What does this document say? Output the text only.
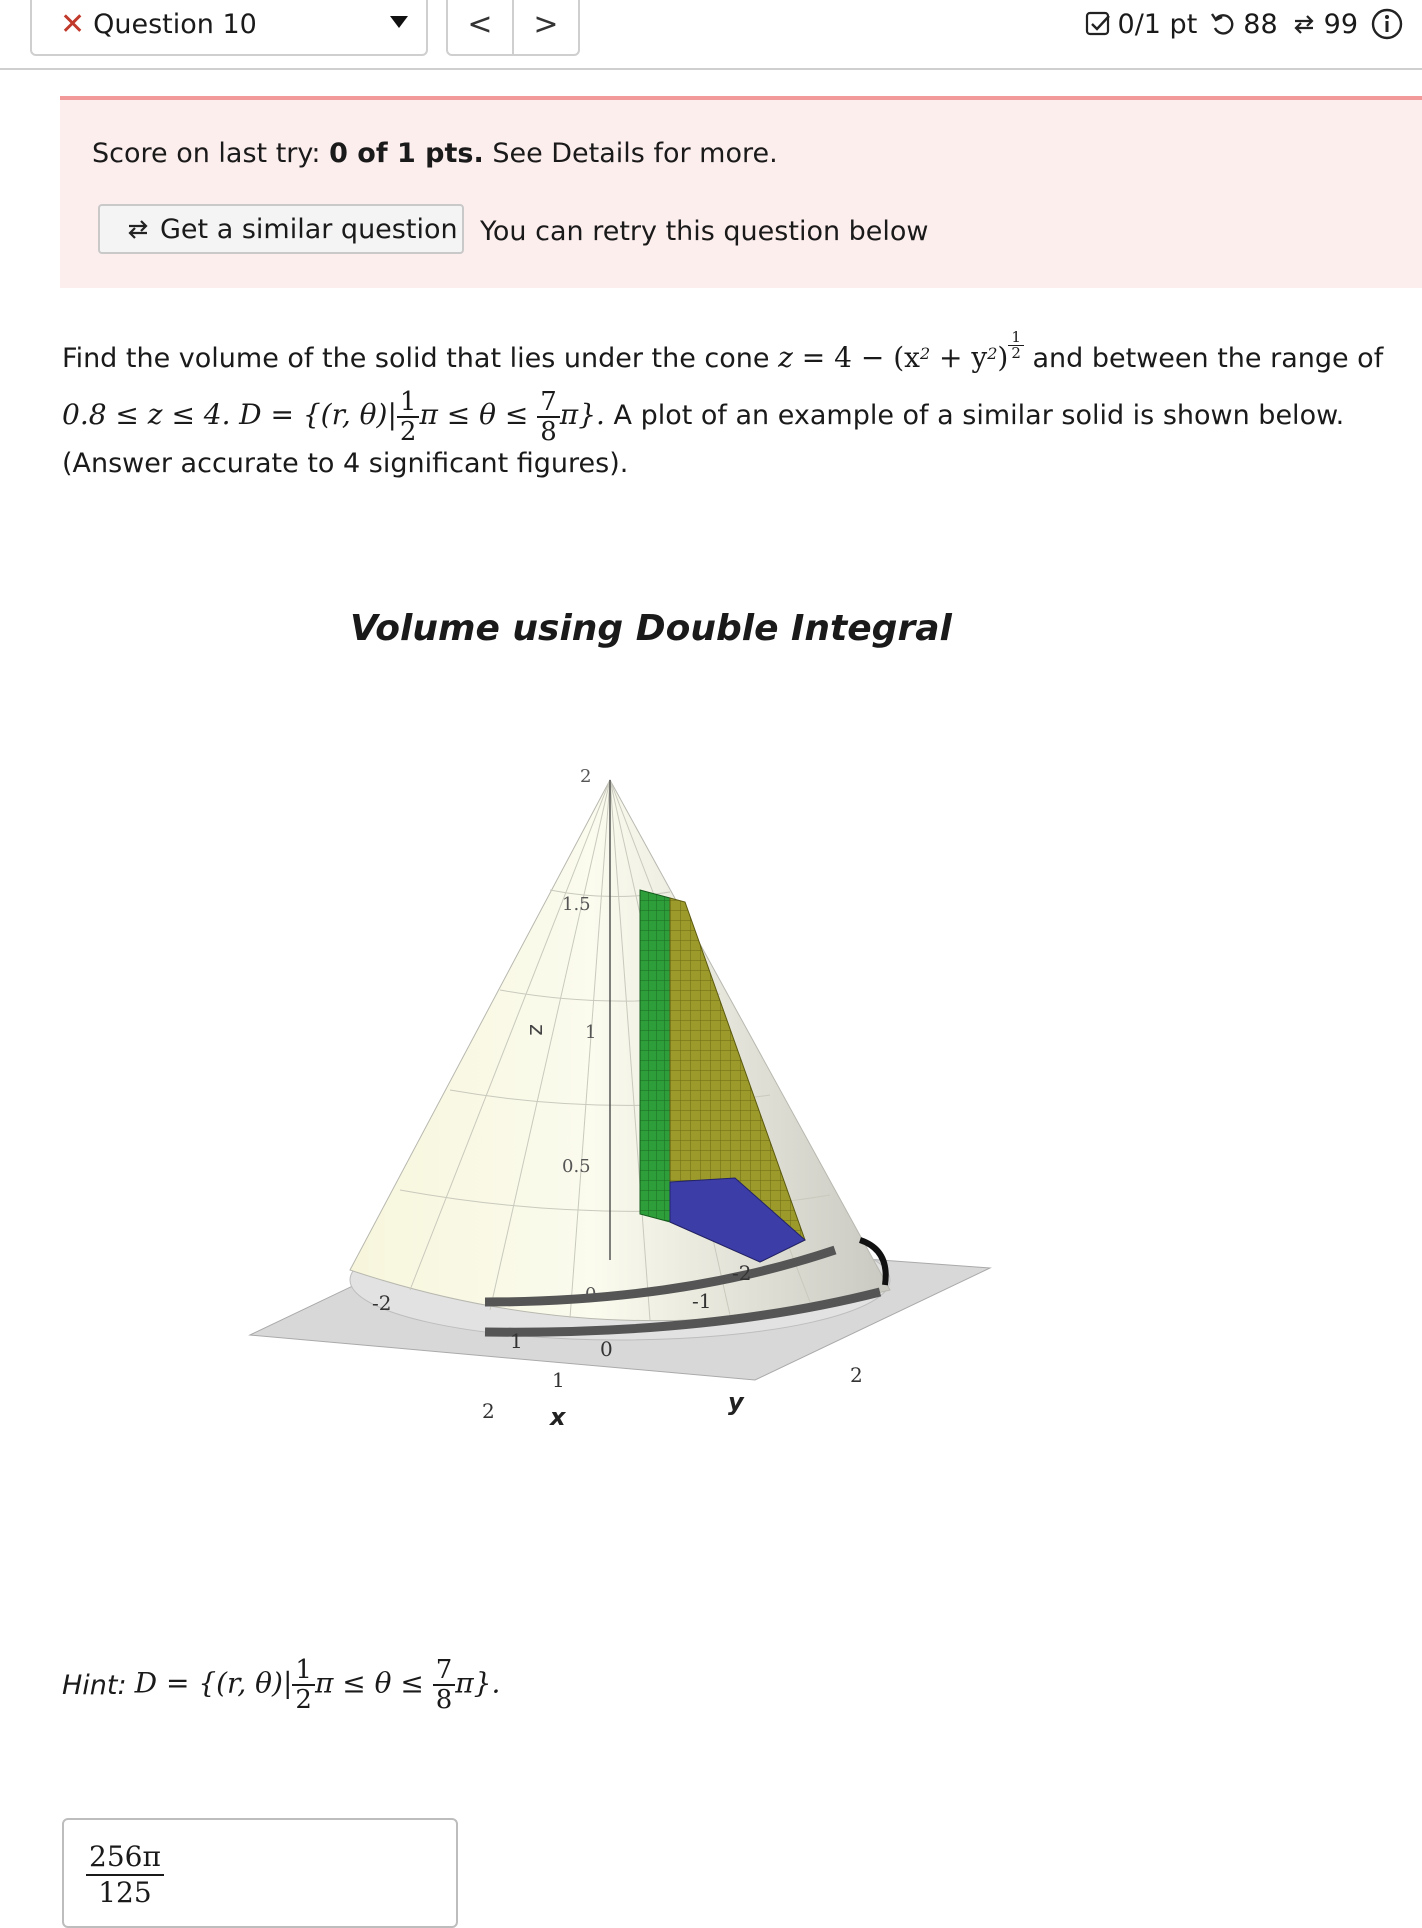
✕ Question 10	<	>	0/1 pt 88 99
Score on last try: 0 of 1 pts. See Details for more.
Get a similar question You can retry this question below
Find the volume of the solid that lies under the cone $z = 4 - (x^2 + y^2) \frac{1}{2}$ and between the range of
0.8 ≤ z ≤ 4. D = {(r, $\theta)| \frac{1}{2}$ $\pi \le \theta \le \frac{7}{8} \pi$}. A plot of an example of a similar solid is shown below.
(Answer accurate to 4 significant figures).
Volume using Double Integral
2
1.5
1
0.5
0
z
-2
1
2
-2
-1
0
1
2
x
y
Hint: D = {(r, $\theta)| \frac{1}{2}$ $\pi \le \theta \le \frac{7}{8} \pi$}.
$\frac{256\pi}{125}$
